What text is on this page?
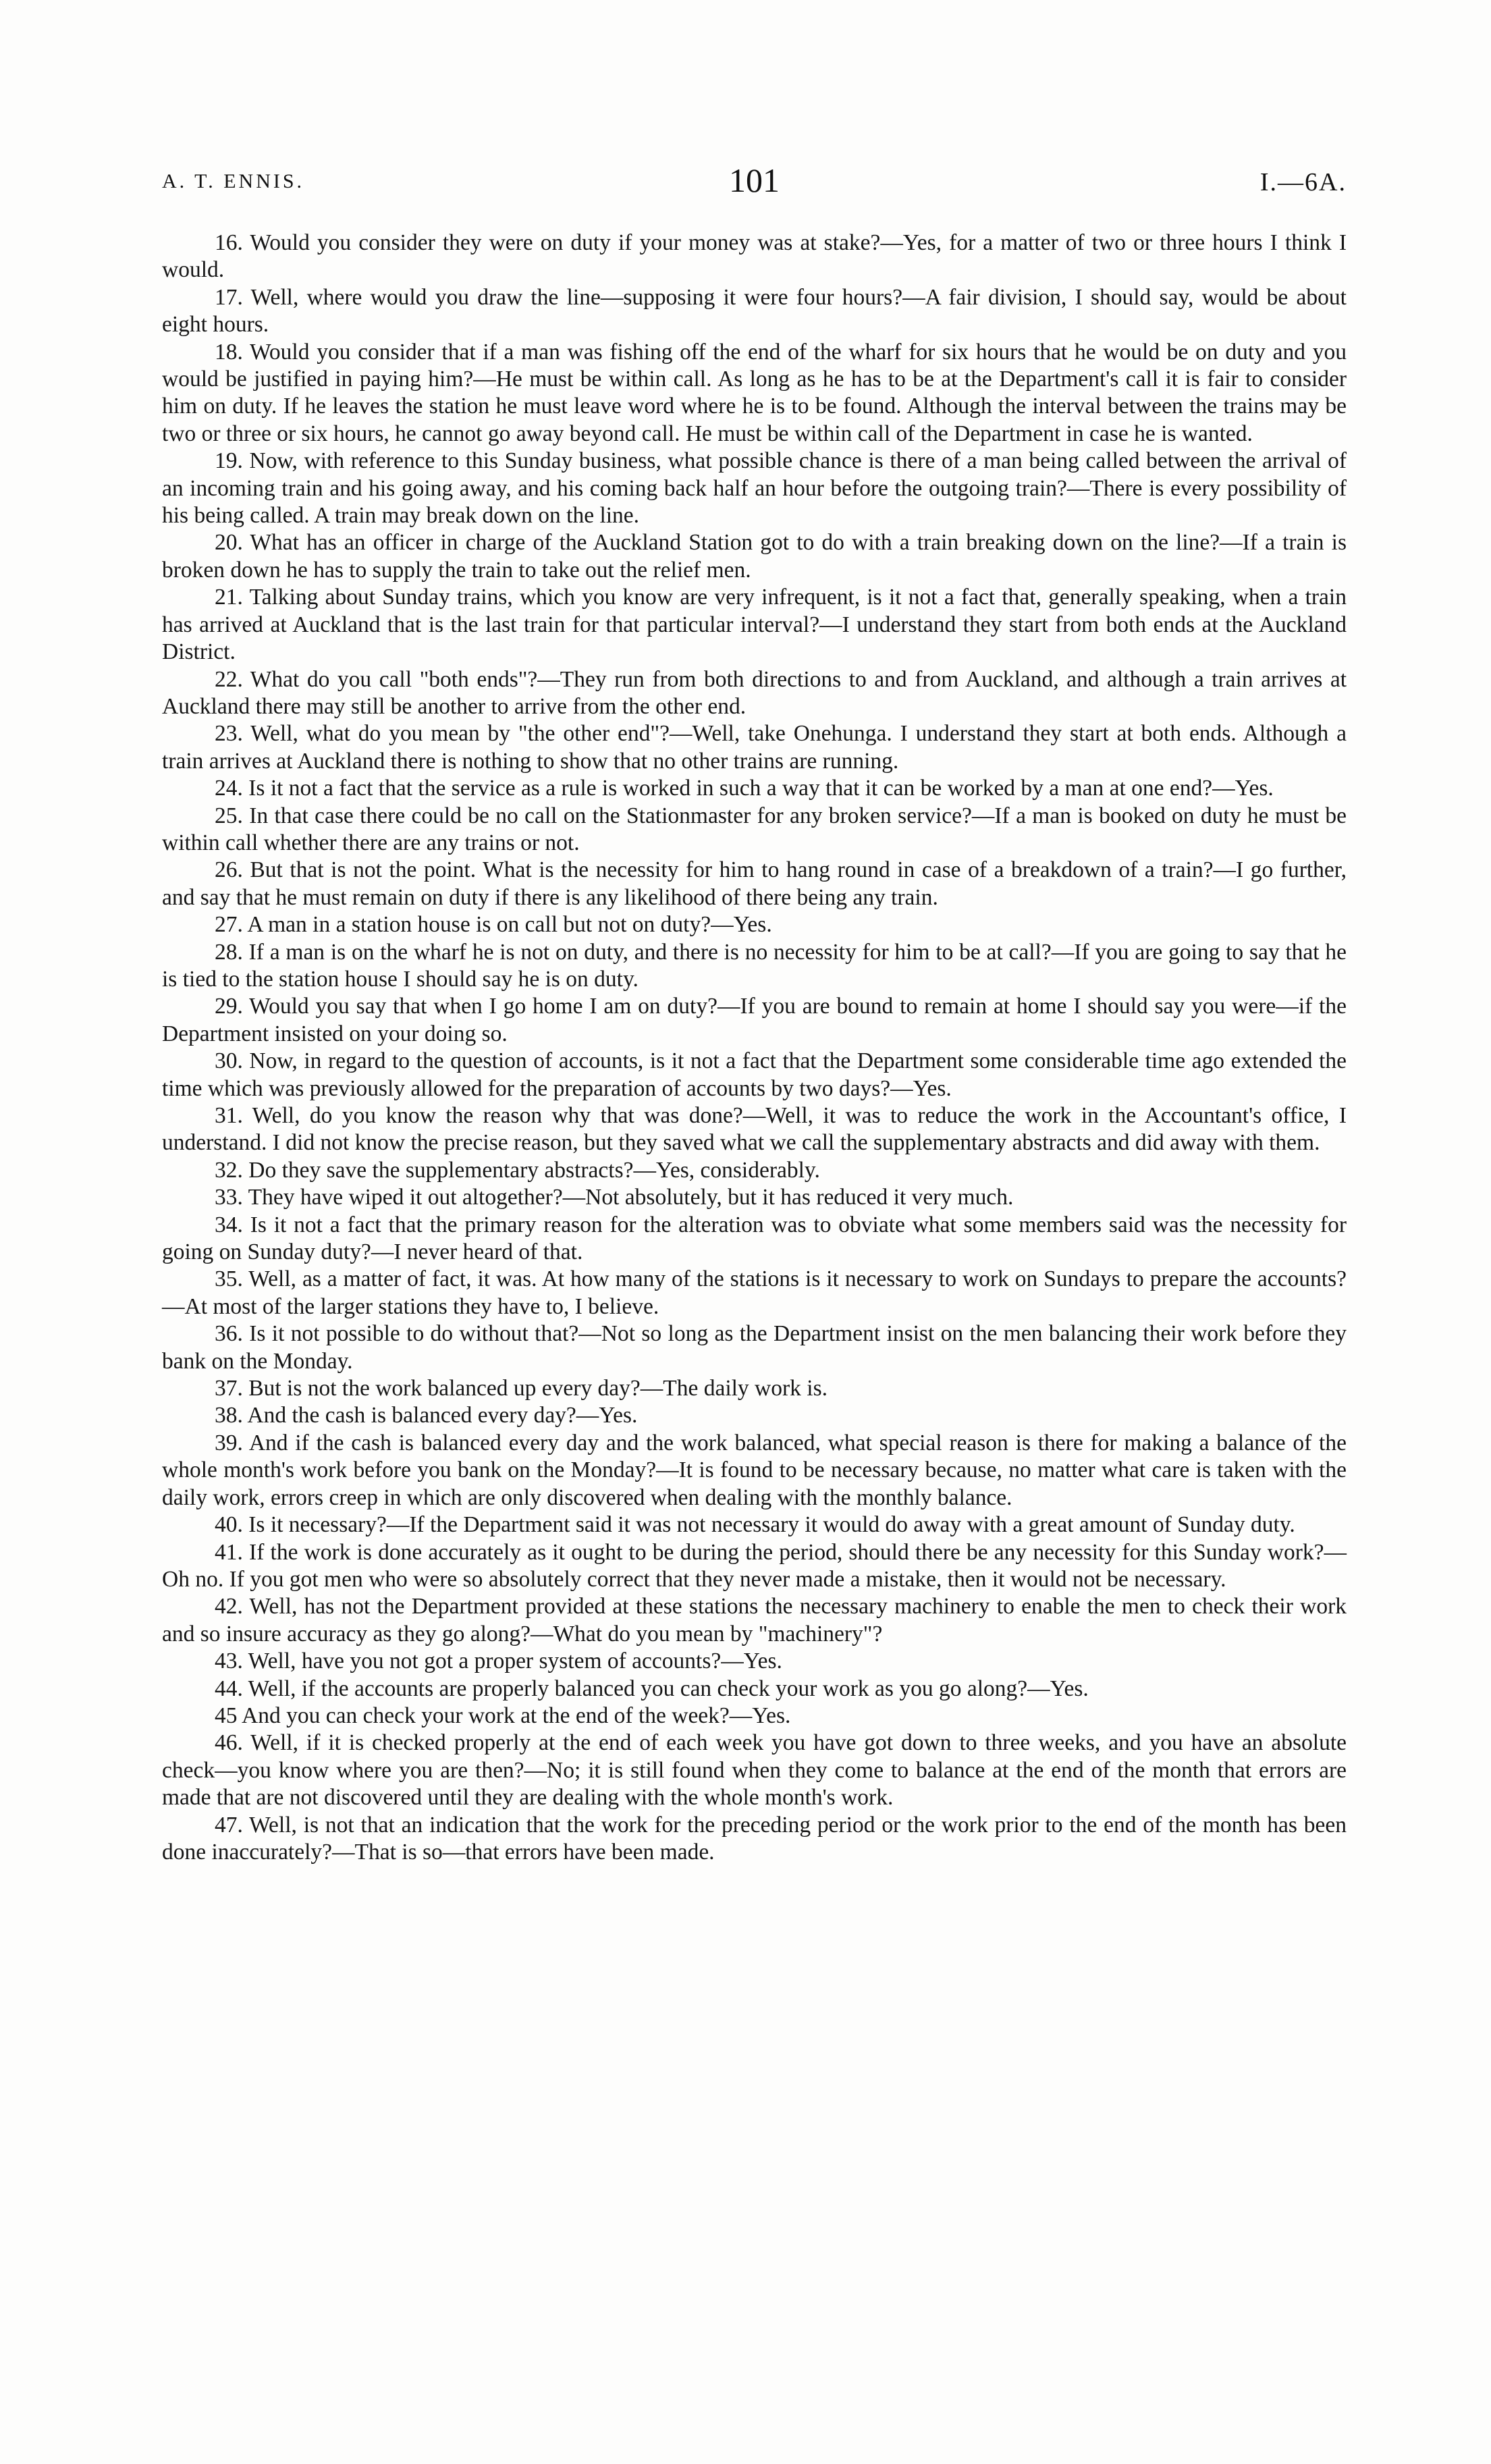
A. T. ENNIS.	101	I.—6A.

16. Would you consider they were on duty if your money was at stake?—Yes, for a matter of two or three hours I think I would.

17. Well, where would you draw the line—supposing it were four hours?—A fair division, I should say, would be about eight hours.

18. Would you consider that if a man was fishing off the end of the wharf for six hours that he would be on duty and you would be justified in paying him?—He must be within call. As long as he has to be at the Department's call it is fair to consider him on duty. If he leaves the station he must leave word where he is to be found. Although the interval between the trains may be two or three or six hours, he cannot go away beyond call. He must be within call of the Department in case he is wanted.

19. Now, with reference to this Sunday business, what possible chance is there of a man being called between the arrival of an incoming train and his going away, and his coming back half an hour before the outgoing train?—There is every possibility of his being called. A train may break down on the line.

20. What has an officer in charge of the Auckland Station got to do with a train breaking down on the line?—If a train is broken down he has to supply the train to take out the relief men.

21. Talking about Sunday trains, which you know are very infrequent, is it not a fact that, generally speaking, when a train has arrived at Auckland that is the last train for that particular interval?—I understand they start from both ends at the Auckland District.

22. What do you call "both ends"?—They run from both directions to and from Auckland, and although a train arrives at Auckland there may still be another to arrive from the other end.

23. Well, what do you mean by "the other end"?—Well, take Onehunga. I understand they start at both ends. Although a train arrives at Auckland there is nothing to show that no other trains are running.

24. Is it not a fact that the service as a rule is worked in such a way that it can be worked by a man at one end?—Yes.

25. In that case there could be no call on the Stationmaster for any broken service?—If a man is booked on duty he must be within call whether there are any trains or not.

26. But that is not the point. What is the necessity for him to hang round in case of a breakdown of a train?—I go further, and say that he must remain on duty if there is any likelihood of there being any train.

27. A man in a station house is on call but not on duty?—Yes.

28. If a man is on the wharf he is not on duty, and there is no necessity for him to be at call?—If you are going to say that he is tied to the station house I should say he is on duty.

29. Would you say that when I go home I am on duty?—If you are bound to remain at home I should say you were—if the Department insisted on your doing so.

30. Now, in regard to the question of accounts, is it not a fact that the Department some considerable time ago extended the time which was previously allowed for the preparation of accounts by two days?—Yes.

31. Well, do you know the reason why that was done?—Well, it was to reduce the work in the Accountant's office, I understand. I did not know the precise reason, but they saved what we call the supplementary abstracts and did away with them.

32. Do they save the supplementary abstracts?—Yes, considerably.

33. They have wiped it out altogether?—Not absolutely, but it has reduced it very much.

34. Is it not a fact that the primary reason for the alteration was to obviate what some members said was the necessity for going on Sunday duty?—I never heard of that.

35. Well, as a matter of fact, it was. At how many of the stations is it necessary to work on Sundays to prepare the accounts?—At most of the larger stations they have to, I believe.

36. Is it not possible to do without that?—Not so long as the Department insist on the men balancing their work before they bank on the Monday.

37. But is not the work balanced up every day?—The daily work is.

38. And the cash is balanced every day?—Yes.

39. And if the cash is balanced every day and the work balanced, what special reason is there for making a balance of the whole month's work before you bank on the Monday?—It is found to be necessary because, no matter what care is taken with the daily work, errors creep in which are only discovered when dealing with the monthly balance.

40. Is it necessary?—If the Department said it was not necessary it would do away with a great amount of Sunday duty.

41. If the work is done accurately as it ought to be during the period, should there be any necessity for this Sunday work?—Oh no. If you got men who were so absolutely correct that they never made a mistake, then it would not be necessary.

42. Well, has not the Department provided at these stations the necessary machinery to enable the men to check their work and so insure accuracy as they go along?—What do you mean by "machinery"?

43. Well, have you not got a proper system of accounts?—Yes.

44. Well, if the accounts are properly balanced you can check your work as you go along?—Yes.

45 And you can check your work at the end of the week?—Yes.

46. Well, if it is checked properly at the end of each week you have got down to three weeks, and you have an absolute check—you know where you are then?—No; it is still found when they come to balance at the end of the month that errors are made that are not discovered until they are dealing with the whole month's work.

47. Well, is not that an indication that the work for the preceding period or the work prior to the end of the month has been done inaccurately?—That is so—that errors have been made.
